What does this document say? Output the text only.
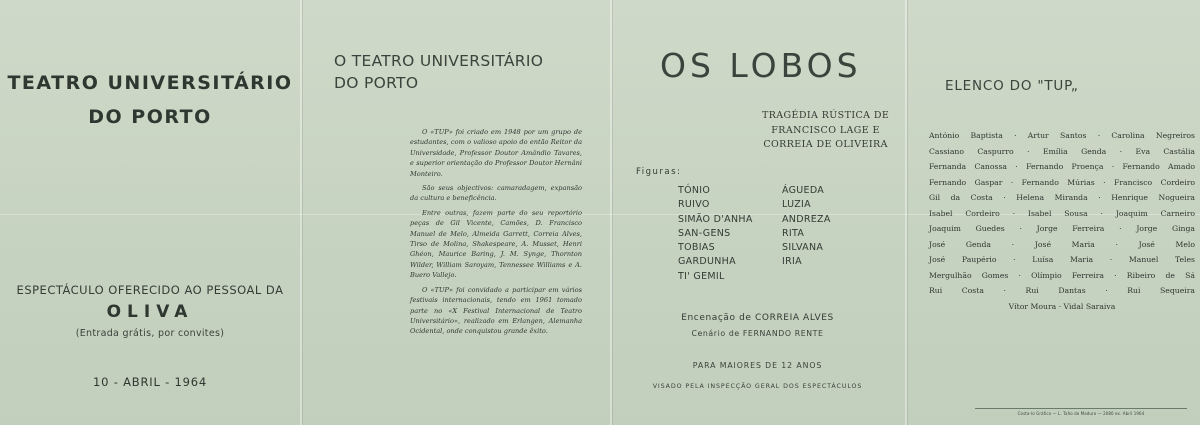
TEATRO UNIVERSITÁRIO
DO PORTO
ESPECTÁCULO OFERECIDO AO PESSOAL DA
OLIVA
(Entrada grátis, por convites)
10 - ABRIL - 1964
O TEATRO UNIVERSITÁRIO
DO PORTO

O «TUP» foi criado em 1948 por um grupo de estudantes, com o valioso apoio do então Reitor da Universidade, Professor Doutor Amândio Tavares, e superior orientação do Professor Doutor Hernâni Monteiro.

São seus objectivos: camaradagem, expansão da cultura e beneficência.

Entre outras, fazem parte do seu reportório peças de Gil Vicente, Camões, D. Francisco Manuel de Melo, Almeida Garrett, Correia Alves, Tirso de Molina, Shakespeare, A. Musset, Henri Ghéon, Maurice Baring, J. M. Synge, Thornton Wilder, William Saroyam, Tennessee Williams e A. Buero Vallejo.

O «TUP» foi convidado a participar em vários festivais internacionais, tendo em 1961 tomado parte no «X Festival Internacional de Teatro Universitário», realizado em Erlangen, Alemanha Ocidental, onde conquistou grande êxito.

OS LOBOS
TRAGÉDIA RÚSTICA DE
FRANCISCO LAGE E
CORREIA DE OLIVEIRA
Figuras:
TÓNIO
RUIVO
SIMÃO D'ANHA
SAN-GENS
TOBIAS
GARDUNHA
TI' GEMIL
ÁGUEDA
LUZIA
ANDREZA
RITA
SILVANA
IRIA
Encenação de CORREIA ALVES
Cenário de FERNANDO RENTE
PARA MAIORES DE 12 ANOS
VISADO PELA INSPECÇÃO GERAL DOS ESPECTÁCULOS
ELENCO DO "TUP„
António Baptista · Artur Santos · Carolina Negreiros
Cassiano Caspurro · Emília Genda · Eva Castália
Fernanda Canossa · Fernando Proença · Fernando Amado
Fernando Gaspar · Fernando Múrias · Francisco Cordeiro
Gil da Costa · Helena Miranda · Henrique Nogueira
Isabel Cordeiro · Isabel Sousa · Joaquim Carneiro
Joaquim Guedes · Jorge Ferreira · Jorge Ginga
José Genda · José Maria · José Melo
José Paupério · Luísa Maria · Manuel Teles
Mergulhão Gomes · Olímpio Ferreira · Ribeiro de Sá
Rui Costa · Rui Dantas · Rui Sequeira
Vítor Moura · Vidal Saraiva
Costa-lo Gráfico — L. Taño do Maduro — 2080 ex. Abril 1964
